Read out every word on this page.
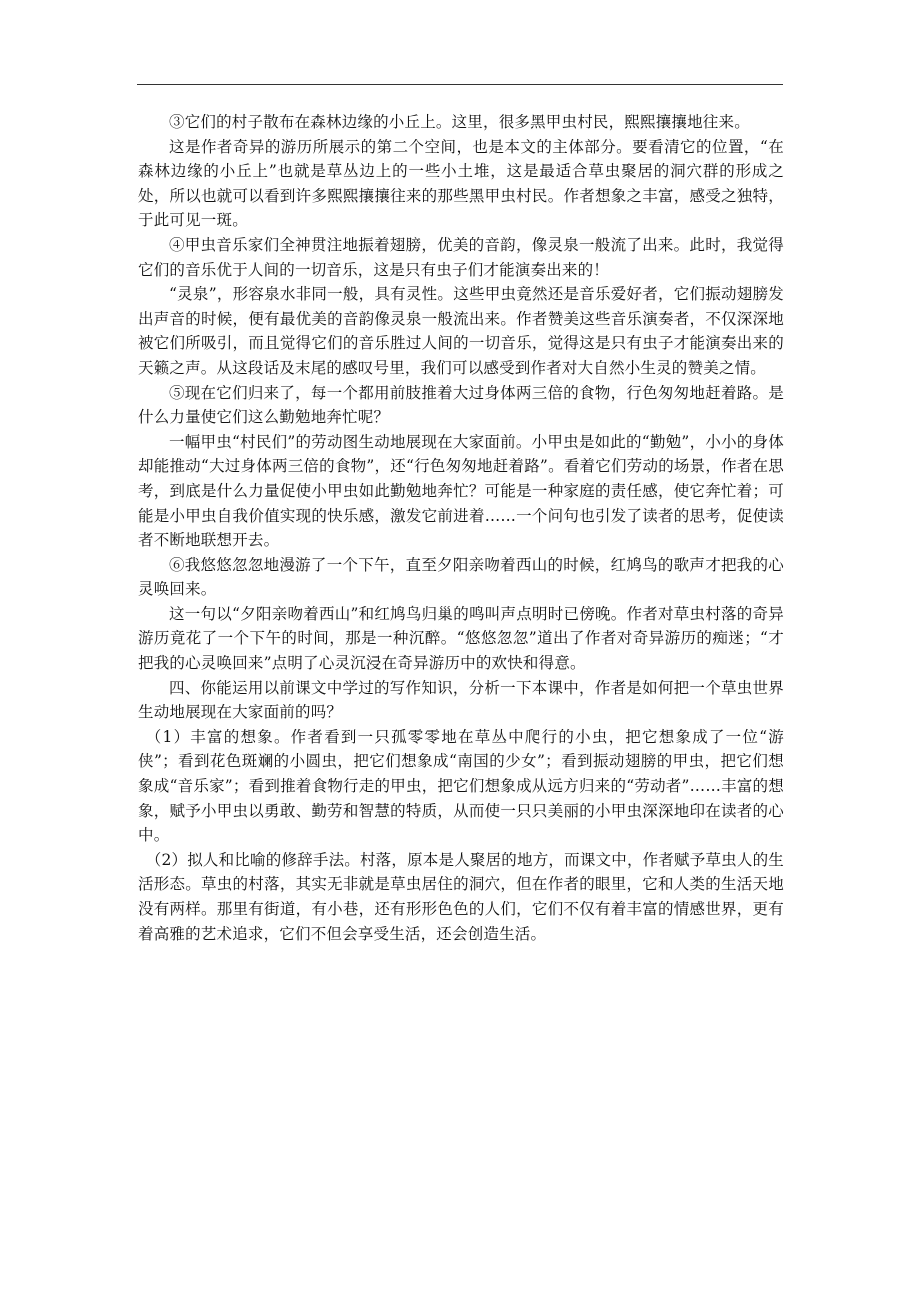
③它们的村子散布在森林边缘的小丘上。这里，很多黑甲虫村民，熙熙攘攘地往来。

这是作者奇异的游历所展示的第二个空间，也是本文的主体部分。要看清它的位置，“在森林边缘的小丘上”也就是草丛边上的一些小土堆，这是最适合草虫聚居的洞穴群的形成之处，所以也就可以看到许多熙熙攘攘往来的那些黑甲虫村民。作者想象之丰富，感受之独特，于此可见一斑。

④甲虫音乐家们全神贯注地振着翅膀，优美的音韵，像灵泉一般流了出来。此时，我觉得它们的音乐优于人间的一切音乐，这是只有虫子们才能演奏出来的！

“灵泉”，形容泉水非同一般，具有灵性。这些甲虫竟然还是音乐爱好者，它们振动翅膀发出声音的时候，便有最优美的音韵像灵泉一般流出来。作者赞美这些音乐演奏者，不仅深深地被它们所吸引，而且觉得它们的音乐胜过人间的一切音乐，觉得这是只有虫子才能演奏出来的天籁之声。从这段话及末尾的感叹号里，我们可以感受到作者对大自然小生灵的赞美之情。

⑤现在它们归来了，每一个都用前肢推着大过身体两三倍的食物，行色匆匆地赶着路。是什么力量使它们这么勤勉地奔忙呢？

一幅甲虫“村民们”的劳动图生动地展现在大家面前。小甲虫是如此的“勤勉”，小小的身体却能推动“大过身体两三倍的食物”，还“行色匆匆地赶着路”。看着它们劳动的场景，作者在思考，到底是什么力量促使小甲虫如此勤勉地奔忙？可能是一种家庭的责任感，使它奔忙着；可能是小甲虫自我价值实现的快乐感，激发它前进着……一个问句也引发了读者的思考，促使读者不断地联想开去。

⑥我悠悠忽忽地漫游了一个下午，直至夕阳亲吻着西山的时候，红鸠鸟的歌声才把我的心灵唤回来。

这一句以“夕阳亲吻着西山”和红鸠鸟归巢的鸣叫声点明时已傍晚。作者对草虫村落的奇异游历竟花了一个下午的时间，那是一种沉醉。“悠悠忽忽”道出了作者对奇异游历的痴迷；“才把我的心灵唤回来”点明了心灵沉浸在奇异游历中的欢快和得意。

四、你能运用以前课文中学过的写作知识，分析一下本课中，作者是如何把一个草虫世界生动地展现在大家面前的吗？

（1）丰富的想象。作者看到一只孤零零地在草丛中爬行的小虫，把它想象成了一位“游侠”；看到花色斑斓的小圆虫，把它们想象成“南国的少女”；看到振动翅膀的甲虫，把它们想象成“音乐家”；看到推着食物行走的甲虫，把它们想象成从远方归来的“劳动者”……丰富的想象，赋予小甲虫以勇敢、勤劳和智慧的特质，从而使一只只美丽的小甲虫深深地印在读者的心中。

（2）拟人和比喻的修辞手法。村落，原本是人聚居的地方，而课文中，作者赋予草虫人的生活形态。草虫的村落，其实无非就是草虫居住的洞穴，但在作者的眼里，它和人类的生活天地没有两样。那里有街道，有小巷，还有形形色色的人们，它们不仅有着丰富的情感世界，更有着高雅的艺术追求，它们不但会享受生活，还会创造生活。
